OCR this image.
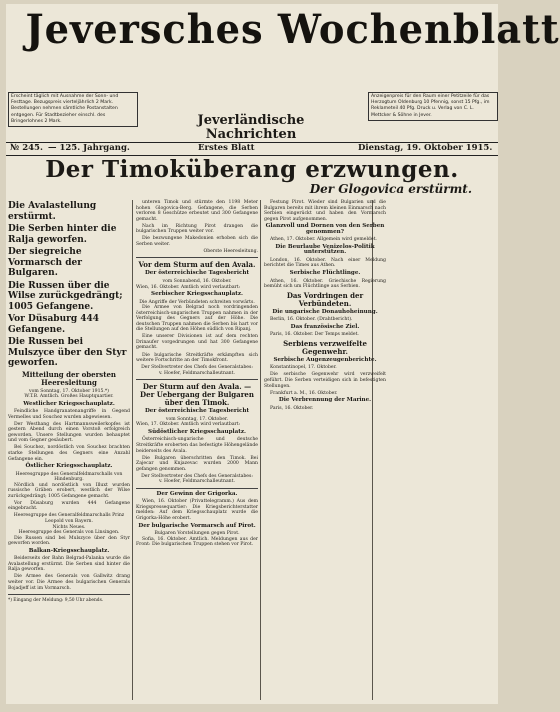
Jeversches Wochenblatt
Erscheint täglich mit Ausnahme der Sonn- und Festtage. Bezugspreis vierteljährlich 2 Mark. Bestellungen nehmen sämtliche Postanstalten entgegen. Für Stadtbezieher einschl. des Bringerlohnes 2 Mark.	Jeverländische
Nachrichten
Anzeigenpreis für den Raum einer Petitzeile für das Herzogtum Oldenburg 10 Pfennig, sonst 15 Pfg., im Reklameteil 40 Pfg. Druck u. Verlag von C. L. Mettcker & Söhne in Jever.
№ 245. — 125. Jahrgang.	Erstes Blatt	Dienstag, 19. Oktober 1915.
Der Timoküberang erzwungen.
Der Glogovica erstürmt.
Die Avalastellung erstürmt.
Die Serben hinter die Ralja geworfen.
Der siegreiche Vormarsch der Bulgaren.
Die Russen über die Wilse zurückgedrängt; 1005 Gefangene.
Vor Düsaburg 444 Gefangene.
Die Russen bei Mulszyce über den Styr geworfen.
Mitteilung der obersten Heeresleitung
vom Sonntag, 17. Oktober 1915.*)
W.T.B. Amtlich. Großes Hauptquartier.
Westlicher Kriegsschauplatz.

Feindliche Handgranatenangriffe in Gegend Vermelles und Souchez wurden abgewiesen.

Der Westhang des Hartmannsweilerkopfes ist gestern Abend durch einen Vorstoß erfolgreich geworden. Unsere Stellungen wurden behauptet und vom Gegner gesäubert.

Bei Souchez, nordöstlich von Souchez brachten starke Stellungen des Gegners eine Anzahl Gefangene ein.

Östlicher Kriegsschauplatz.
Heeresgruppe des Generalfeldmarschalls von Hindenburg.

Nördlich und nordöstlich von Illuxt wurden russische Gräben erobert, westlich der Wilse zurückgedrängt; 1005 Gefangene gemacht.

Vor Düsaburg wurden 444 Gefangene eingebracht.

Heeresgruppe des Generalfeldmarschalls Prinz Leopold von Bayern.
Nichts Neues.
Heeresgruppe des Generals von Linsingen.

Die Russen sind bei Mulszyce über den Styr geworfen worden.

Balkan-Kriegsschauplatz.

Beiderseits der Bahn Belgrad-Palanka wurde die Avalastellung erstürmt. Die Serben sind hinter die Ralja geworfen.

Die Armee des Generals von Gallwitz drang weiter vor. Die Armee des bulgarischen Generals Bojadjeff ist im Vormarsch.

*) Eingang der Meldung: 9,50 Uhr abends.

unteren Timok und stürmte den 1198 Meter hohen Glogovica-Berg. Gefangene, die Serben verloren 8 Geschütze erbeutet und 300 Gefangene gemacht.

Nach im Richtung Pirot drangen die bulgarischen Truppen weiter vor.

Die bezwungene Makedonien erhoben sich die Serben weiter.

Oberste Heeresleitung.
Vor dem Sturm auf den Avala.
Der österreichische Tagesbericht
vom Sonnabend, 16. Oktober.
Wien, 16. Oktober. Amtlich wird verlautbart:
Serbischer Kriegsschauplatz.
Die Angriffe der Verbündeten schreiten vorwärts.

Die Armee von Belgrad noch vordringenden österreichisch-ungarischen Truppen nahmen in der Verfolgung des Gegners auf der Höhe. Die deutschen Truppen nahmen die Serben bis hart vor die Stellungen auf den Höhen südlich von Ripanj.

Eine unserer Divisionen ist auf dem rechten Drinaufer vorgedrungen und hat 300 Gefangene gemacht.

Die bulgarische Streitkräfte erkämpften sich weitere Fortschritte an der Timokfront.

Der Stellvertreter des Chefs des Generalstabes:
v. Hoefer, Feldmarschalleutnant.
Der Sturm auf den Avala. — Der Uebergang der Bulgaren über den Timok.
Der österreichische Tagesbericht
vom Sonntag, 17. Oktober.
Wien, 17. Oktober. Amtlich wird verlautbart:
Südöstlicher Kriegsschauplatz.

Österreichisch-ungarische und deutsche Streitkräfte eroberten das befestigte Höhengelände beiderseits des Avala.

Die Bulgaren überschritten den Timok. Bei Zajecar und Knjazevac wurden 2000 Mann gefangen genommen.

Der Stellvertreter des Chefs des Generalstabes:
v. Hoefer, Feldmarschalleutnant.
Der Gewinn der Grigorka.

Wien, 16. Oktober (Privattelegramm.) Aus dem Kriegspressequartier: Die Kriegsberichterstatter melden: Auf dem Kriegsschauplatz wurde die Grigorka-Höhe erobert.

Der bulgarische Vormarsch auf Pirot.
Bulgaren Vorstellungen gegen Pirot.

Sofia, 16. Oktober. Amtlich. Meldungen aus der Front: Die bulgarischen Truppen stehen vor Pirot.

Festung Pirot. Wieder sind Bulgarien und die Bulgaren bereits mit ihrem kleinen Einmarsch nach Serbien eingerückt und haben den Vormarsch gegen Pirot aufgenommen.

Glanzvoll und Dornen von den Serben genommen?

Athen, 17. Oktober. Allgemein wird gemeldet.

Die Beurlaube Venizelos-Politik unterstützen.

London, 16. Oktober. Nach einer Meldung berichtet die Times aus Athen.

Serbische Flüchtlinge.

Athen, 16. Oktober. Griechische Regierung bemüht sich um Flüchtlinge aus Serbien.

Das Vordringen der Verbündeten.
Die ungarische Donauhoheinung.

Berlin, 16. Oktober. (Drahtbericht).

Das französische Ziel.

Paris, 16. Oktober. Der Temps meldet.

Serbiens verzweifelte Gegenwehr.
Serbische Augenzeugenberichte.

Konstantinopel, 17. Oktober.

Die serbische Gegenwehr wird verzweifelt geführt. Die Serben verteidigen sich in befestigten Stellungen.

Frankfurt a. M., 16. Oktober.

Die Verbrennung der Marine.

Paris, 16. Oktober.
